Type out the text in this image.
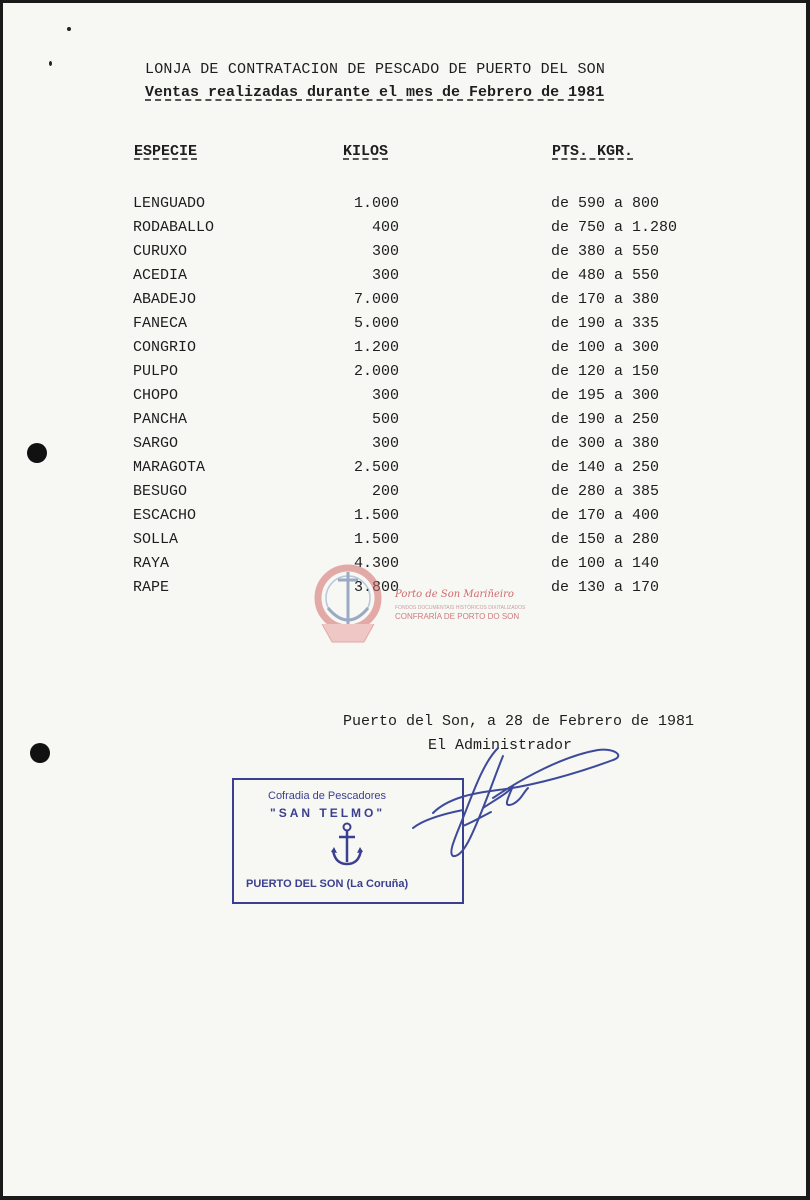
LONJA DE CONTRATACION DE PESCADO DE PUERTO DEL SON
Ventas realizadas durante el mes de Febrero de 1981
ESPECIE	KILOS	PTS. KGR.
LENGUADO	1.000	de 590 a 800
RODABALLO	400	de 750 a 1.280
CURUXO	300	de 380 a 550
ACEDIA	300	de 480 a 550
ABADEJO	7.000	de 170 a 380
FANECA	5.000	de 190 a 335
CONGRIO	1.200	de 100 a 300
PULPO	2.000	de 120 a 150
CHOPO	300	de 195 a 300
PANCHA	500	de 190 a 250
SARGO	300	de 300 a 380
MARAGOTA	2.500	de 140 a 250
BESUGO	200	de 280 a 385
ESCACHO	1.500	de 170 a 400
SOLLA	1.500	de 150 a 280
RAYA	4.300	de 100 a 140
RAPE	3.800	de 130 a 170
Porto de Son Mariñeiro
FONDOS DOCUMENTAIS HISTÓRICOS DIXITALIZADOS
CONFRARÍA DE PORTO DO SON
Puerto del Son, a 28 de Febrero de 1981
El Administrador
Cofradia de Pescadores
"SAN TELMO"
PUERTO DEL SON (La Coruña)
